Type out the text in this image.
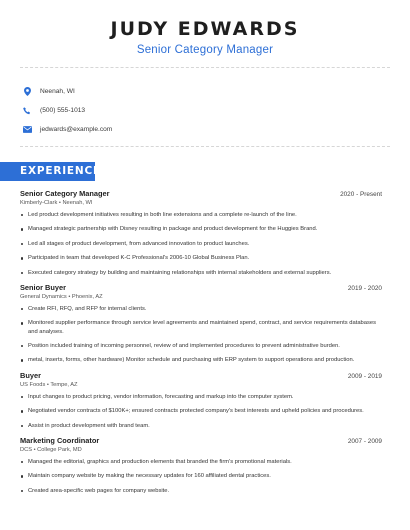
JUDY EDWARDS
Senior Category Manager
Neenah, WI
(500) 555-1013
jedwards@example.com
EXPERIENCE
Senior Category Manager	2020 - Present
Kimberly-Clark • Neenah, WI
Led product development initiatives resulting in both line extensions and a complete re-launch of the line.
Managed strategic partnership with Disney resulting in package and product development for the Huggies Brand.
Led all stages of product development, from advanced innovation to product launches.
Participated in team that developed K-C Professional's 2006-10 Global Business Plan.
Executed category strategy by building and maintaining relationships with internal stakeholders and external suppliers.
Senior Buyer	2019 - 2020
General Dynamics • Phoenix, AZ
Create RFI, RFQ, and RFP for internal clients.
Monitored supplier performance through service level agreements and maintained spend, contract, and service requirements databases and analyses.
Position included training of incoming personnel, review of and implemented procedures to prevent administrative burden.
metal, inserts, forms, other hardware) Monitor schedule and purchasing with ERP system to support operations and production.
Buyer	2009 - 2019
US Foods • Tempe, AZ
Input changes to product pricing, vendor information, forecasting and markup into the computer system.
Negotiated vendor contracts of $100K+; ensured contracts protected company's best interests and upheld policies and procedures.
Assist in product development with brand team.
Marketing Coordinator	2007 - 2009
DCS • College Park, MD
Managed the editorial, graphics and production elements that branded the firm's promotional materials.
Maintain company website by making the necessary updates for 160 affiliated dental practices.
Created area-specific web pages for company website.
